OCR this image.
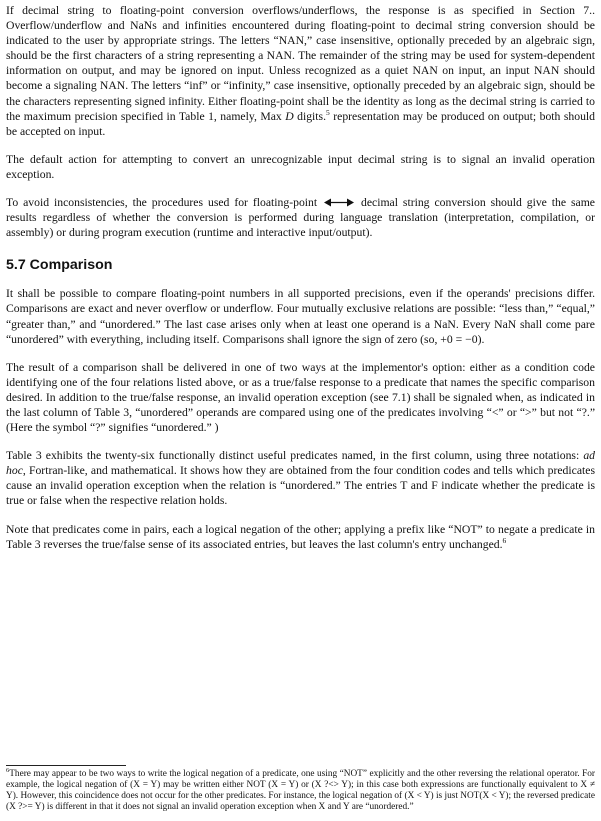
If decimal string to floating-point conversion overflows/underflows, the response is as specified in Section 7.. Overflow/underflow and NaNs and infinities encountered during floating-point to decimal string conversion should be indicated to the user by appropriate strings. The letters “NAN,” case insensitive, optionally preceded by an algebraic sign, should be the first characters of a string representing a NAN. The remainder of the string may be used for system-dependent information on output, and may be ignored on input. Unless recognized as a quiet NAN on input, an input NAN should become a signaling NAN. The letters “inf” or “infinity,” case insensitive, optionally preceded by an algebraic sign, should be the characters representing signed infinity. Either floating-point shall be the identity as long as the decimal string is carried to the maximum precision specified in Table 1, namely, Max D digits.$^5$ representation may be produced on output; both should be accepted on input.

The default action for attempting to convert an unrecognizable input decimal string is to signal an invalid operation exception.

To avoid inconsistencies, the procedures used for floating-point	decimal string conversion should give the same results regardless of whether the conversion is performed during language translation (interpretation, compilation, or assembly) or during program execution (runtime and interactive input/output).

5.7 Comparison

It shall be possible to compare floating-point numbers in all supported precisions, even if the operands' precisions differ. Comparisons are exact and never overflow or underflow. Four mutually exclusive relations are possible: “less than,” “equal,” “greater than,” and “unordered.” The last case arises only when at least one operand is a NaN. Every NaN shall come pare “unordered” with everything, including itself. Comparisons shall ignore the sign of zero (so, +0 = −0).

The result of a comparison shall be delivered in one of two ways at the implementor's option: either as a condition code identifying one of the four relations listed above, or as a true/false response to a predicate that names the specific comparison desired. In addition to the true/false response, an invalid operation exception (see 7.1) shall be signaled when, as indicated in the last column of Table 3, “unordered” operands are compared using one of the predicates involving “<” or “>” but not “?.” (Here the symbol “?” signifies “unordered.” )

Table 3 exhibits the twenty-six functionally distinct useful predicates named, in the first column, using three notations: ad hoc, Fortran-like, and mathematical. It shows how they are obtained from the four condition codes and tells which predicates cause an invalid operation exception when the relation is “unordered.” The entries T and F indicate whether the predicate is true or false when the respective relation holds.

Note that predicates come in pairs, each a logical negation of the other; applying a prefix like “NOT” to negate a predicate in Table 3 reverses the true/false sense of its associated entries, but leaves the last column's entry unchanged.$^6$

$^6$There may appear to be two ways to write the logical negation of a predicate, one using “NOT” explicitly and the other reversing the relational operator. For example, the logical negation of (X = Y) may be written either NOT (X = Y) or (X ?<> Y); in this case both expressions are functionally equivalent to X ≠ Y). However, this coincidence does not occur for the other predicates. For instance, the logical negation of (X < Y) is just NOT(X < Y); the reversed predicate (X ?>= Y) is different in that it does not signal an invalid operation exception when X and Y are “unordered.”
